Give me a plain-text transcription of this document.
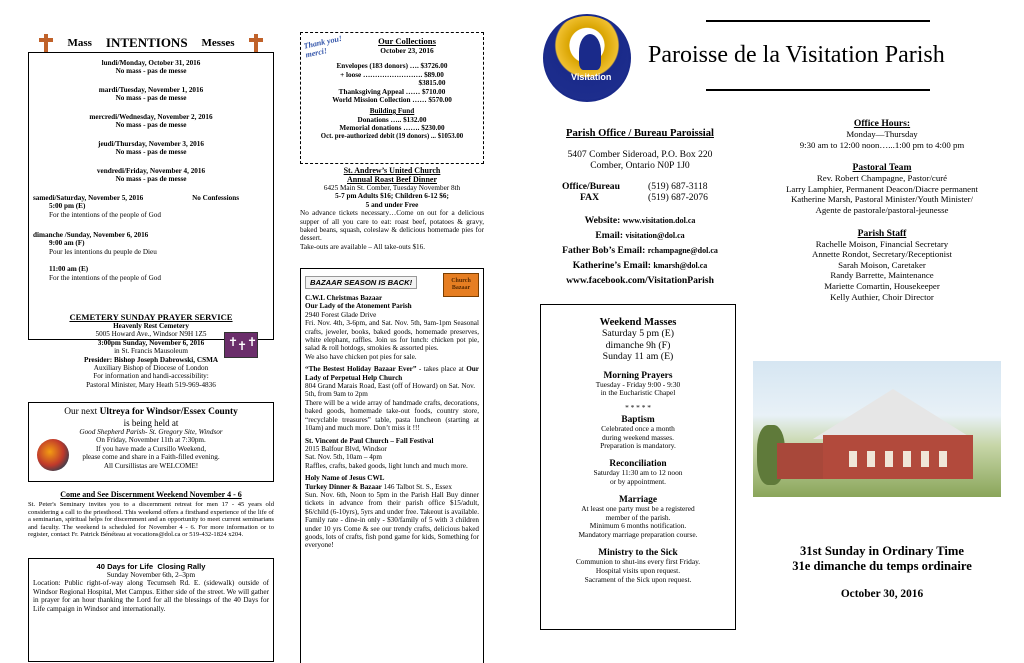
Mass INTENTIONS Messes
lundi/Monday, October 31, 2016
No mass - pas de messe
mardi/Tuesday, November 1, 2016
No mass - pas de messe
mercredi/Wednesday, November 2, 2016
No mass - pas de messe
jeudi/Thursday, November 3, 2016
No mass - pas de messe
vendredi/Friday, November 4, 2016
No mass - pas de messe
samedi/Saturday, November 5, 2016	No Confessions
5:00 pm (E)
For the intentions of the people of God
dimanche /Sunday, November 6, 2016
9:00 am (F)
Pour les intentions du peuple de Dieu
11:00 am (E)
For the intentions of the people of God
CEMETERY SUNDAY PRAYER SERVICE
Heavenly Rest Cemetery
5005 Howard Ave., Windsor N9H 1Z5
3:00pm Sunday, November 6, 2016
in St. Francis Mausoleum
Presider: Bishop Joseph Dabrowski, CSMA
Auxiliary Bishop of Diocese of London
For information and handi-accessibility:
Pastoral Minister, Mary Heath 519-969-4836
✝
✝ ✝
Our next Ultreya for Windsor/Essex County
is being held at
Good Shepherd Parish- St. Gregory Site, Windsor
On Friday, November 11th at 7:30pm.
If you have made a Cursillo Weekend,
please come and share in a Faith-filled evening.
All Cursillistas are WELCOME!
Come and See Discernment Weekend November 4 - 6
St. Peter's Seminary invites you to a discernment retreat for men 17 - 45 years old considering a call to the priesthood. This weekend offers a firsthand experience of the life of a seminarian, spiritual helps for discernment and an opportunity to meet current seminarians and faculty. The weekend is scheduled for November 4 - 6. For more information or to register, contact Fr. Patrick Bénéteau at vocations@dol.ca or 519-432-1824 x204.
40 Days for Life Closing Rally
Sunday November 6th, 2–3pm
Location: Public right-of-way along Tecumseh Rd. E. (sidewalk) outside of Windsor Regional Hospital, Met Campus. Either side of the street. We will gather in prayer for an hour thanking the Lord for all the blessings of the 40 Days for Life campaign in Windsor and internationally.
Thank you! merci!
Our Collections
October 23, 2016
Envelopes (183 donors) …. $3726.00
+ loose ……………………. $89.00
$3815.00
Thanksgiving Appeal …… $710.00
World Mission Collection …… $570.00
Building Fund
Donations ….. $132.00
Memorial donations ……. $230.00
Oct. pre-authorized debit (19 donors) ... $1053.00
St. Andrew’s United Church
Annual Roast Beef Dinner
6425 Main St. Comber, Tuesday November 8th
5-7 pm Adults $16; Children 6-12 $6;
5 and under Free
No advance tickets necessary…Come on out for a delicious supper of all you care to eat: roast beef, potatoes & gravy, baked beans, squash, coleslaw & delicious homemade pies for dessert.
Take-outs are available – All take-outs $16.
BAZAAR SEASON IS BACK!	Church Bazaar
C.W.L Christmas Bazaar
Our Lady of the Atonement Parish
2940 Forest Glade Drive
Fri. Nov. 4th, 3-6pm, and Sat. Nov. 5th, 9am-1pm Seasonal crafts, jeweler, books, baked goods, homemade preserves, white elephant, raffles. Join us for lunch: chicken pot pie, salad & roll hotdogs, smokies & assorted pies.
We also have chicken pot pies for sale.
“The Bestest Holiday Bazaar Ever” - takes place at Our Lady of Perpetual Help Church
804 Grand Marais Road, East (off of Howard) on Sat. Nov. 5th, from 9am to 2pm
There will be a wide array of handmade crafts, decorations, baked goods, homemade take-out foods, country store, “recyclable treasures” table, pasta luncheon (starting at 10am) and much more. Don’t miss it !!!
St. Vincent de Paul Church – Fall Festival
2015 Balfour Blvd, Windsor
Sat. Nov. 5th, 10am – 4pm
Raffles, crafts, baked goods, light lunch and much more.
Holy Name of Jesus CWL
Turkey Dinner & Bazaar 146 Talbot St. S., Essex
Sun. Nov. 6th, Noon to 5pm in the Parish Hall Buy dinner tickets in advance from their parish office $15/adult, $6/child (6-10yrs), 5yrs and under free. Takeout is available.
Family rate - dine-in only - $30/family of 5 with 3 children under 10 yrs Come & see our trendy crafts, delicious baked goods, lots of crafts, fish pond game for kids, Something for everyone!
Visitation
Parish Office / Bureau Paroissial
5407 Comber Sideroad, P.O. Box 220
Comber, Ontario N0P 1J0
Office/Bureau	(519) 687-3118
FAX	(519) 687-2076
Website: www.visitation.dol.ca
Email: visitation@dol.ca
Father Bob’s Email: rchampagne@dol.ca
Katherine’s Email: kmarsh@dol.ca
www.facebook.com/VisitationParish
Weekend Masses
Saturday 5 pm (E)
dimanche 9h (F)
Sunday 11 am (E)
Morning Prayers
Tuesday - Friday 9:00 - 9:30
in the Eucharistic Chapel
* * * * *
Baptism
Celebrated once a month
during weekend masses.
Preparation is mandatory.
Reconciliation
Saturday 11:30 am to 12 noon
or by appointment.
Marriage
At least one party must be a registered
member of the parish.
Minimum 6 months notification.
Mandatory marriage preparation course.
Ministry to the Sick
Communion to shut-ins every first Friday.
Hospital visits upon request.
Sacrament of the Sick upon request.
Paroisse de la Visitation Parish
Office Hours:
Monday—Thursday
9:30 am to 12:00 noon…...1:00 pm to 4:00 pm
Pastoral Team
Rev. Robert Champagne, Pastor/curé
Larry Lamphier, Permanent Deacon/Diacre permanent
Katherine Marsh, Pastoral Minister/Youth Minister/
Agente de pastorale/pastoral-jeunesse
Parish Staff
Rachelle Moison, Financial Secretary
Annette Rondot, Secretary/Receptionist
Sarah Moison, Caretaker
Randy Barrette, Maintenance
Mariette Comartin, Housekeeper
Kelly Authier, Choir Director
31st Sunday in Ordinary Time
31e dimanche du temps ordinaire
October 30, 2016
